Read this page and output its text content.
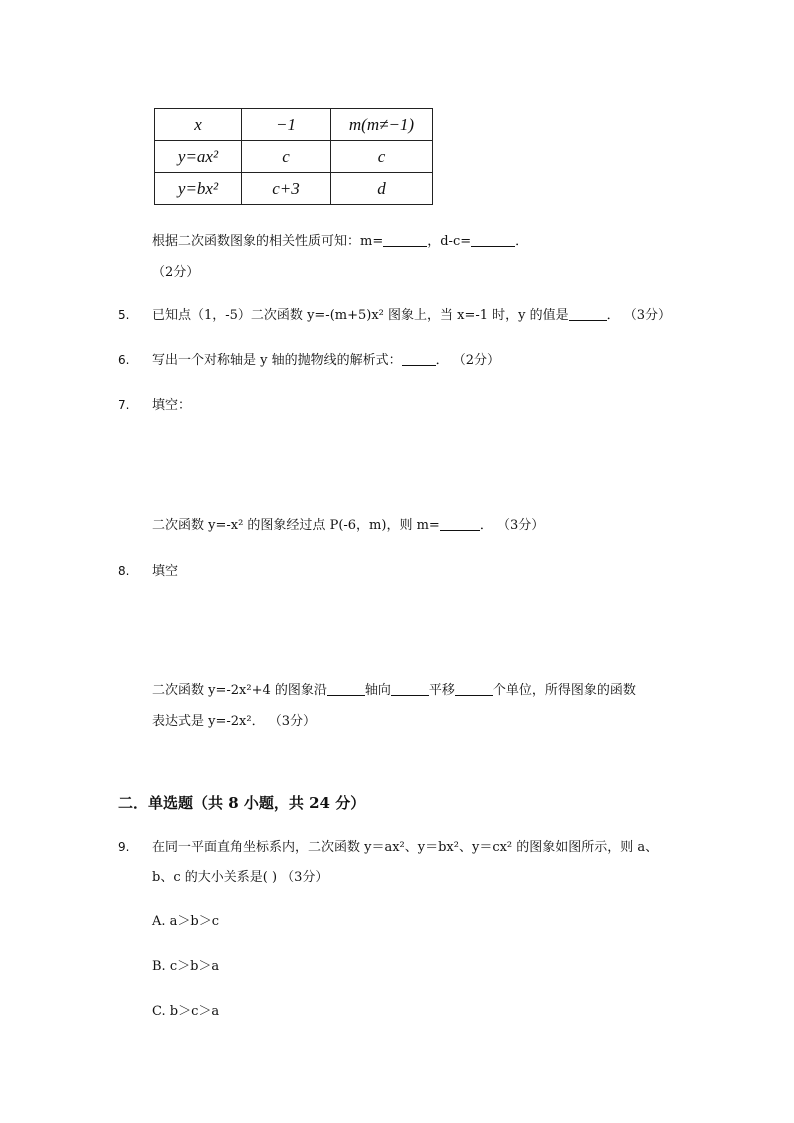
x	−1	m(m≠−1)
y=ax²	c	c
y=bx²	c+3	d
根据二次函数图象的相关性质可知：m=	，d-c=	．
（2分）
5. 已知点（1，-5）二次函数 y=-(m+5)x² 图象上，当 x=-1 时，y 的值是	． （3分）
6. 写出一个对称轴是 y 轴的抛物线的解析式：	． （2分）
7. 填空：
二次函数 y=-x² 的图象经过点 P(-6，m)，则 m=	． （3分）
8. 填空
二次函数 y=-2x²+4 的图象沿	轴向	平移	个单位，所得图象的函数
表达式是 y=-2x²． （3分）
二．单选题（共 8 小题，共 24 分）
9. 在同一平面直角坐标系内，二次函数 y＝ax²、y＝bx²、y＝cx² 的图象如图所示，则 a、
b、c 的大小关系是( ) （3分）
A. a＞b＞c
B. c＞b＞a
C. b＞c＞a
